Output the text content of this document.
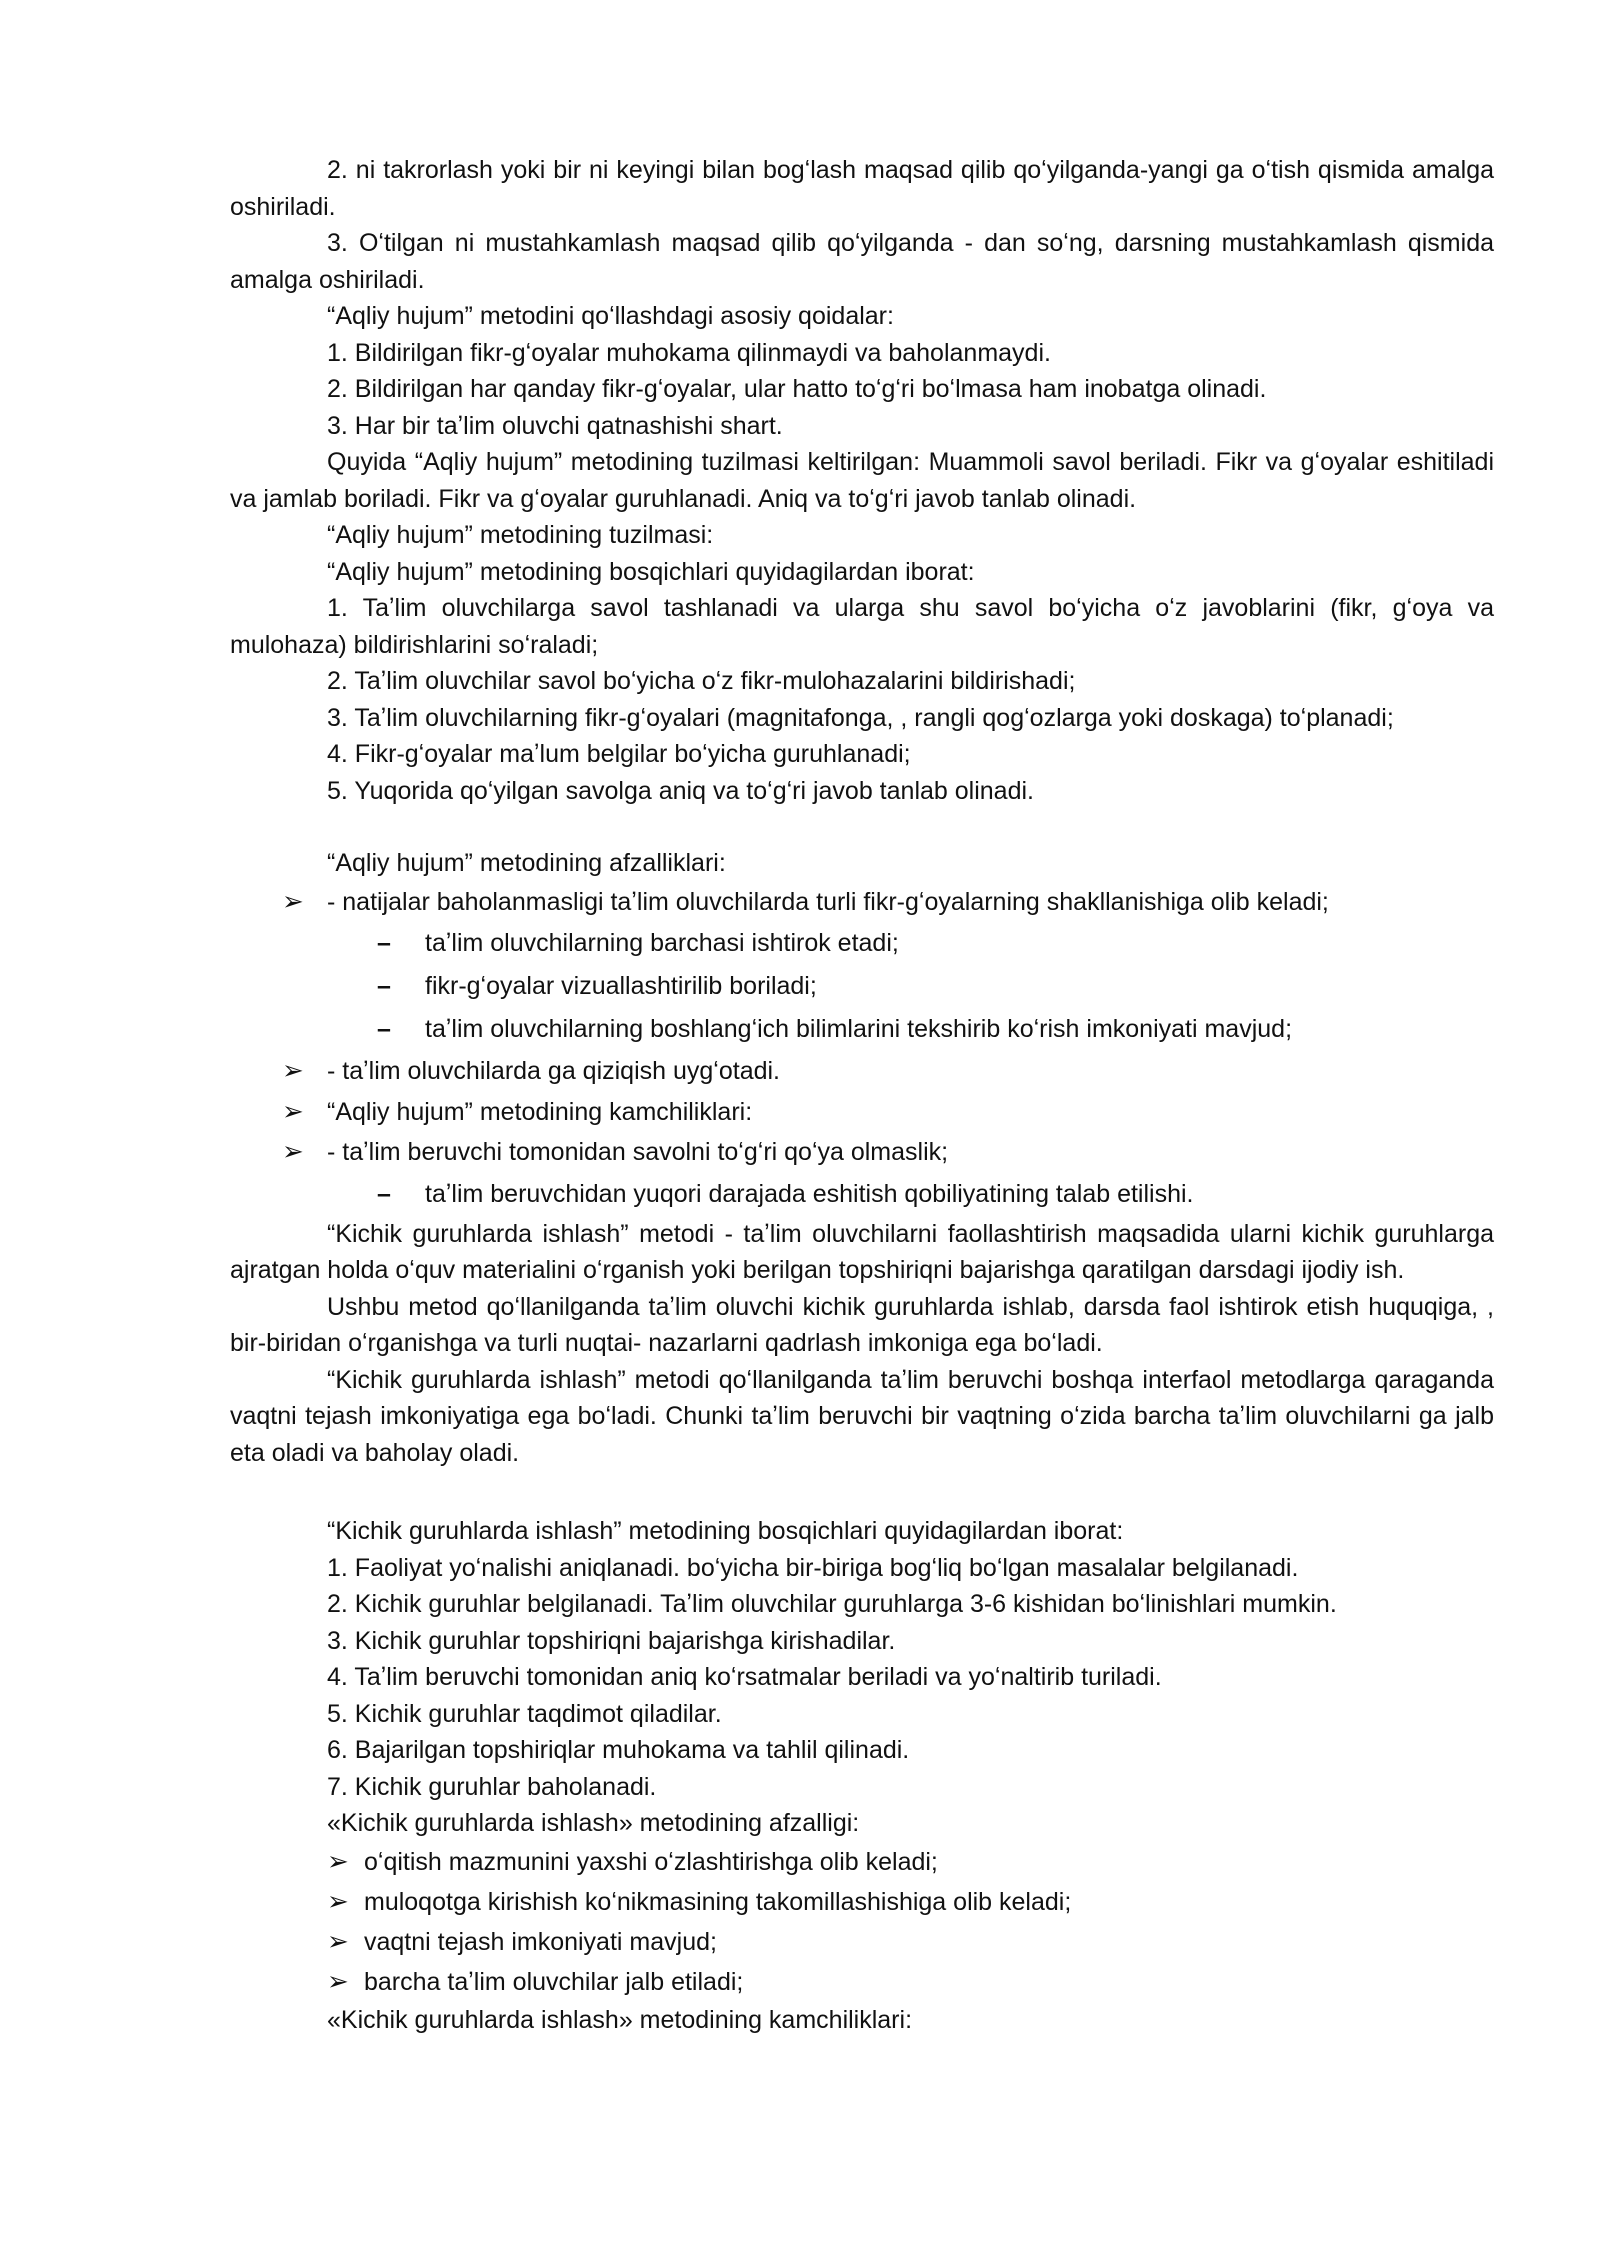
2. ni takrorlash yoki bir ni keyingi bilan bogʻlash maqsad qilib qoʻyilganda-yangi ga oʻtish qismida amalga oshiriladi.

3. Oʻtilgan ni mustahkamlash maqsad qilib qoʻyilganda - dan soʻng, darsning mustahkamlash qismida amalga oshiriladi.

“Aqliy hujum” metodini qoʻllashdagi asosiy qoidalar:

1. Bildirilgan fikr-gʻoyalar muhokama qilinmaydi va baholanmaydi.

2. Bildirilgan har qanday fikr-gʻoyalar, ular hatto toʻgʻri boʻlmasa ham inobatga olinadi.

3. Har bir taʼlim oluvchi qatnashishi shart.

Quyida “Aqliy hujum” metodining tuzilmasi keltirilgan: Muammoli savol beriladi. Fikr va gʻoyalar eshitiladi va jamlab boriladi. Fikr va gʻoyalar guruhlanadi. Aniq va toʻgʻri javob tanlab olinadi.

“Aqliy hujum” metodining tuzilmasi:

“Aqliy hujum” metodining bosqichlari quyidagilardan iborat:

1. Taʼlim oluvchilarga savol tashlanadi va ularga shu savol boʻyicha oʻz javoblarini (fikr, gʻoya va mulohaza) bildirishlarini soʻraladi;

2. Taʼlim oluvchilar savol boʻyicha oʻz fikr-mulohazalarini bildirishadi;

3. Taʼlim oluvchilarning fikr-gʻoyalari (magnitafonga, , rangli qogʻozlarga yoki doskaga) toʻplanadi;

4. Fikr-gʻoyalar maʼlum belgilar boʻyicha guruhlanadi;

5. Yuqorida qoʻyilgan savolga aniq va toʻgʻri javob tanlab olinadi.

“Aqliy hujum” metodining afzalliklari:

➢ - natijalar baholanmasligi taʼlim oluvchilarda turli fikr-gʻoyalarning shakllanishiga olib keladi;
– taʼlim oluvchilarning barchasi ishtirok etadi;
– fikr-gʻoyalar vizuallashtirilib boriladi;
– taʼlim oluvchilarning boshlangʻich bilimlarini tekshirib koʻrish imkoniyati mavjud;
➢ - taʼlim oluvchilarda ga qiziqish uygʻotadi.
➢ “Aqliy hujum” metodining kamchiliklari:
➢ - taʼlim beruvchi tomonidan savolni toʻgʻri qoʻya olmaslik;
– taʼlim beruvchidan yuqori darajada eshitish qobiliyatining talab etilishi.

“Kichik guruhlarda ishlash” metodi - taʼlim oluvchilarni faollashtirish maqsadida ularni kichik guruhlarga ajratgan holda oʻquv materialini oʻrganish yoki berilgan topshiriqni bajarishga qaratilgan darsdagi ijodiy ish.

Ushbu metod qoʻllanilganda taʼlim oluvchi kichik guruhlarda ishlab, darsda faol ishtirok etish huquqiga, , bir-biridan oʻrganishga va turli nuqtai- nazarlarni qadrlash imkoniga ega boʻladi.

“Kichik guruhlarda ishlash” metodi qoʻllanilganda taʼlim beruvchi boshqa interfaol metodlarga qaraganda vaqtni tejash imkoniyatiga ega boʻladi. Chunki taʼlim beruvchi bir vaqtning oʻzida barcha taʼlim oluvchilarni ga jalb eta oladi va baholay oladi.

“Kichik guruhlarda ishlash” metodining bosqichlari quyidagilardan iborat:

1. Faoliyat yoʻnalishi aniqlanadi. boʻyicha bir-biriga bogʻliq boʻlgan masalalar belgilanadi.

2. Kichik guruhlar belgilanadi. Taʼlim oluvchilar guruhlarga 3-6 kishidan boʻlinishlari mumkin.

3. Kichik guruhlar topshiriqni bajarishga kirishadilar.

4. Taʼlim beruvchi tomonidan aniq koʻrsatmalar beriladi va yoʻnaltirib turiladi.

5. Kichik guruhlar taqdimot qiladilar.

6. Bajarilgan topshiriqlar muhokama va tahlil qilinadi.

7. Kichik guruhlar baholanadi.

«Kichik guruhlarda ishlash» metodining afzalligi:

➢ oʻqitish mazmunini yaxshi oʻzlashtirishga olib keladi;
➢ muloqotga kirishish koʻnikmasining takomillashishiga olib keladi;
➢ vaqtni tejash imkoniyati mavjud;
➢ barcha taʼlim oluvchilar jalb etiladi;

«Kichik guruhlarda ishlash» metodining kamchiliklari:
